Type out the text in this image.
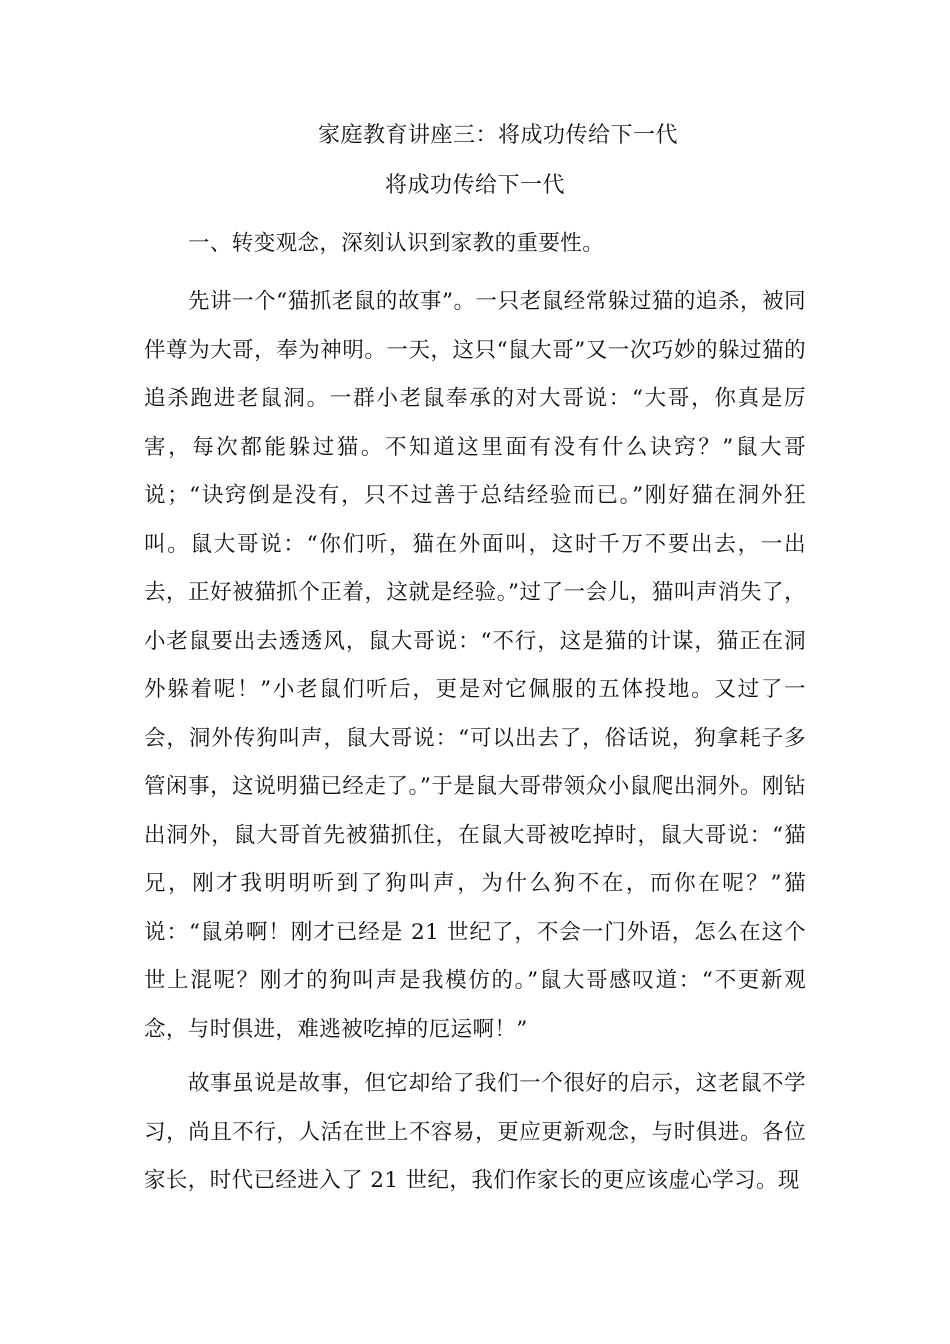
家庭教育讲座三：将成功传给下一代
将成功传给下一代

一、转变观念，深刻认识到家教的重要性。

先讲一个“猫抓老鼠的故事”。一只老鼠经常躲过猫的追杀，被同伴尊为大哥，奉为神明。一天，这只“鼠大哥”又一次巧妙的躲过猫的追杀跑进老鼠洞。一群小老鼠奉承的对大哥说：“大哥，你真是厉害，每次都能躲过猫。不知道这里面有没有什么诀窍？”鼠大哥说；“诀窍倒是没有，只不过善于总结经验而已。”刚好猫在洞外狂叫。鼠大哥说：“你们听，猫在外面叫，这时千万不要出去，一出去，正好被猫抓个正着，这就是经验。”过了一会儿，猫叫声消失了，小老鼠要出去透透风，鼠大哥说：“不行，这是猫的计谋，猫正在洞外躲着呢！”小老鼠们听后，更是对它佩服的五体投地。又过了一会，洞外传狗叫声，鼠大哥说：“可以出去了，俗话说，狗拿耗子多管闲事，这说明猫已经走了。”于是鼠大哥带领众小鼠爬出洞外。刚钻出洞外，鼠大哥首先被猫抓住，在鼠大哥被吃掉时，鼠大哥说：“猫兄，刚才我明明听到了狗叫声，为什么狗不在，而你在呢？”猫说：“鼠弟啊！刚才已经是 21 世纪了，不会一门外语，怎么在这个世上混呢？刚才的狗叫声是我模仿的。”鼠大哥感叹道：“不更新观念，与时俱进，难逃被吃掉的厄运啊！”

故事虽说是故事，但它却给了我们一个很好的启示，这老鼠不学习，尚且不行，人活在世上不容易，更应更新观念，与时俱进。各位家长，时代已经进入了 21 世纪，我们作家长的更应该虚心学习。现
